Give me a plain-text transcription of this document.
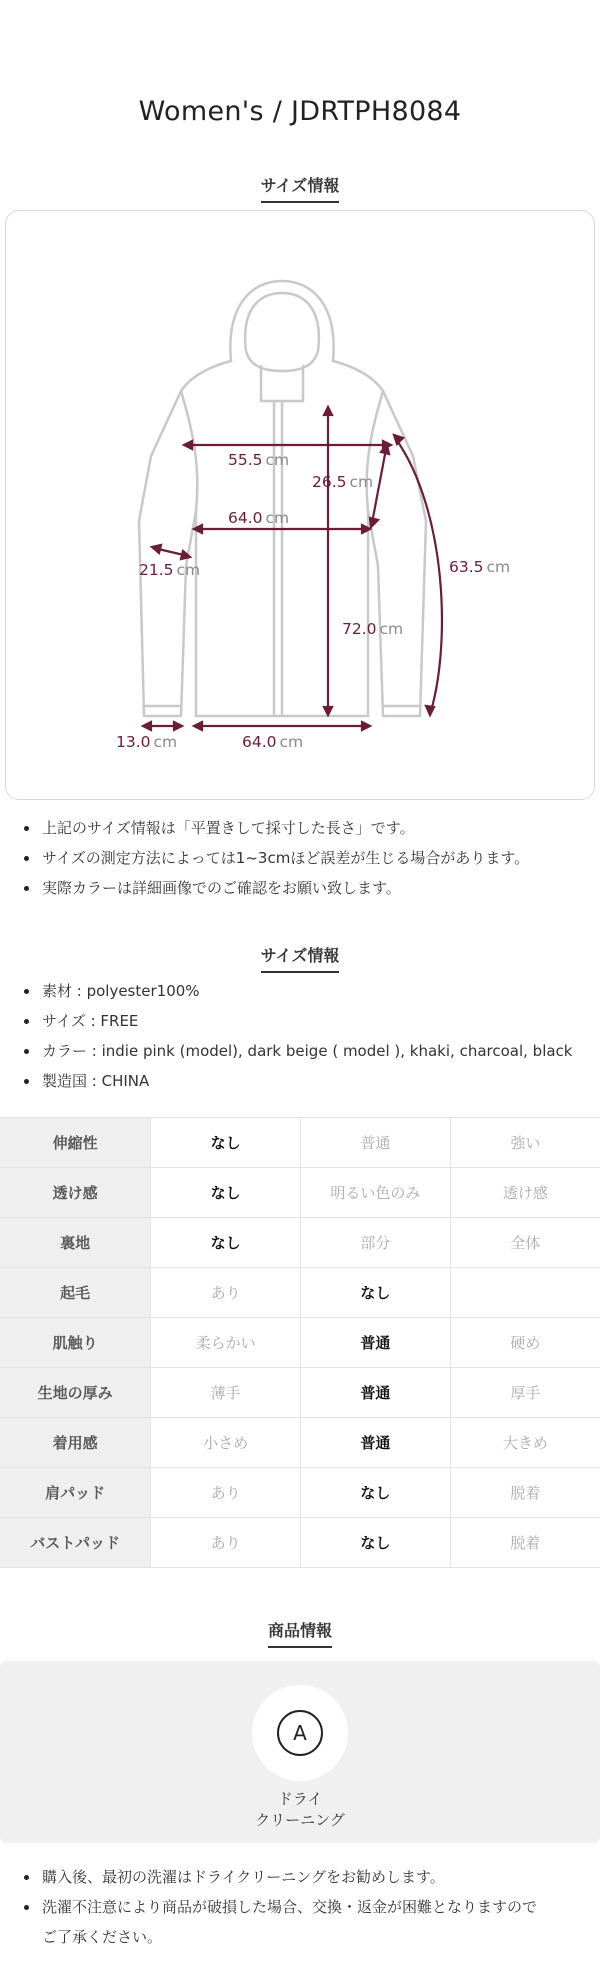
Women's / JDRTPH8084
サイズ情報
55.5 cm
26.5 cm
64.0 cm
21.5 cm	63.5 cm
72.0 cm
13.0 cm	64.0 cm
上記のサイズ情報は「平置きして採寸した長さ」です。
サイズの測定方法によっては1~3cmほど誤差が生じる場合があります。
実際カラーは詳細画像でのご確認をお願い致します。
サイズ情報
素材 : polyester100%
サイズ : FREE
カラー : indie pink (model), dark beige ( model ), khaki, charcoal, black
製造国 : CHINA
伸縮性	なし	普通	強い
透け感	なし	明るい色のみ	透け感
裏地	なし	部分	全体
起毛	あり	なし	
肌触り	柔らかい	普通	硬め
生地の厚み	薄手	普通	厚手
着用感	小さめ	普通	大きめ
肩パッド	あり	なし	脱着
バストパッド	あり	なし	脱着
商品情報
A
ドライ
クリーニング
購入後、最初の洗濯はドライクリーニングをお勧めします。
洗濯不注意により商品が破損した場合、交換・返金が困難となりますので
ご了承ください。
